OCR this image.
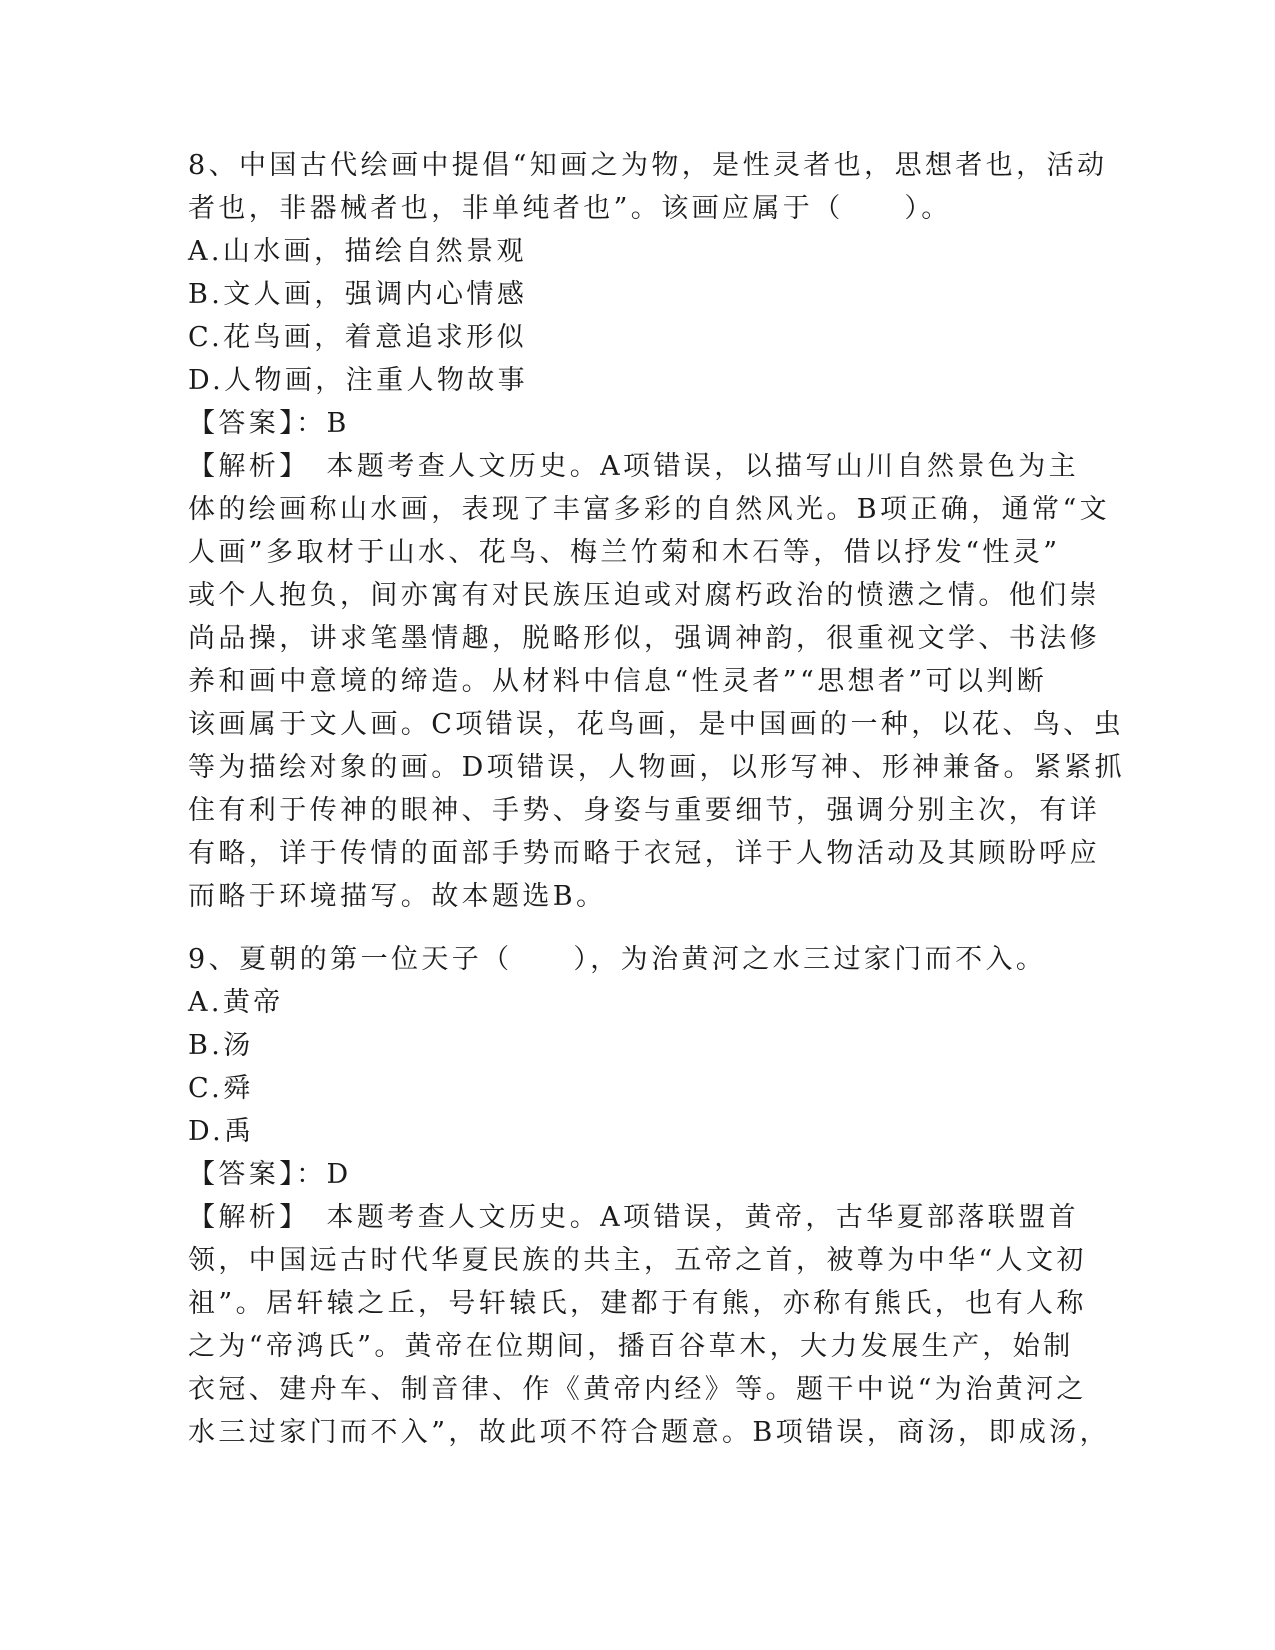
8、中国古代绘画中提倡“知画之为物，是性灵者也，思想者也，活动
者也，非器械者也，非单纯者也”。该画应属于（　　）。
A.山水画，描绘自然景观
B.文人画，强调内心情感
C.花鸟画，着意追求形似
D.人物画，注重人物故事
【答案】：B
【解析】　本题考查人文历史。A项错误，以描写山川自然景色为主
体的绘画称山水画，表现了丰富多彩的自然风光。B项正确，通常“文
人画”多取材于山水、花鸟、梅兰竹菊和木石等，借以抒发“性灵”
或个人抱负，间亦寓有对民族压迫或对腐朽政治的愤懑之情。他们崇
尚品操，讲求笔墨情趣，脱略形似，强调神韵，很重视文学、书法修
养和画中意境的缔造。从材料中信息“性灵者”“思想者”可以判断
该画属于文人画。C项错误，花鸟画，是中国画的一种，以花、鸟、虫
等为描绘对象的画。D项错误，人物画，以形写神、形神兼备。紧紧抓
住有利于传神的眼神、手势、身姿与重要细节，强调分别主次，有详
有略，详于传情的面部手势而略于衣冠，详于人物活动及其顾盼呼应
而略于环境描写。故本题选B。
9、夏朝的第一位天子（　　），为治黄河之水三过家门而不入。
A.黄帝
B.汤
C.舜
D.禹
【答案】：D
【解析】　本题考查人文历史。A项错误，黄帝，古华夏部落联盟首
领，中国远古时代华夏民族的共主，五帝之首，被尊为中华“人文初
祖”。居轩辕之丘，号轩辕氏，建都于有熊，亦称有熊氏，也有人称
之为“帝鸿氏”。黄帝在位期间，播百谷草木，大力发展生产，始制
衣冠、建舟车、制音律、作《黄帝内经》等。题干中说“为治黄河之
水三过家门而不入”，故此项不符合题意。B项错误，商汤，即成汤，
